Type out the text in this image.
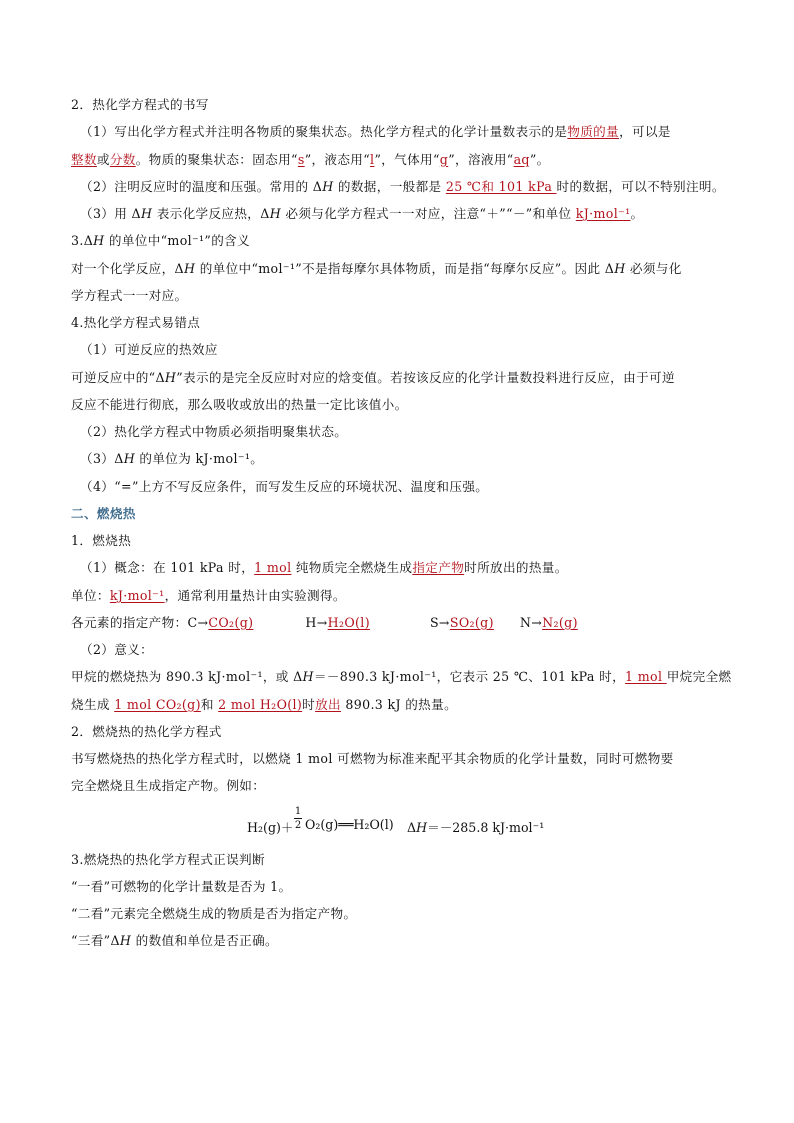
2．热化学方程式的书写
（1）写出化学方程式并注明各物质的聚集状态。热化学方程式的化学计量数表示的是物质的量，可以是
整数或分数。物质的聚集状态：固态用“s”，液态用“l”，气体用“g”，溶液用“aq”。
（2）注明反应时的温度和压强。常用的 ΔH 的数据，一般都是 25 ℃和 101 kPa 时的数据，可以不特别注明。
（3）用 ΔH 表示化学反应热，ΔH 必须与化学方程式一一对应，注意“＋”“－”和单位 kJ·mol⁻¹。
3.ΔH 的单位中“mol⁻¹”的含义
对一个化学反应，ΔH 的单位中“mol⁻¹”不是指每摩尔具体物质，而是指“每摩尔反应”。因此 ΔH 必须与化
学方程式一一对应。
4.热化学方程式易错点
（1）可逆反应的热效应
可逆反应中的“ΔH”表示的是完全反应时对应的焓变值。若按该反应的化学计量数投料进行反应，由于可逆
反应不能进行彻底，那么吸收或放出的热量一定比该值小。
（2）热化学方程式中物质必须指明聚集状态。
（3）ΔH 的单位为 kJ·mol⁻¹。
（4）“=”上方不写反应条件，而写发生反应的环境状况、温度和压强。
二、燃烧热
1．燃烧热
（1）概念：在 101 kPa 时，1 mol 纯物质完全燃烧生成指定产物时所放出的热量。
单位：kJ·mol⁻¹，通常利用量热计由实验测得。
各元素的指定产物：C→CO₂(g)	H→H₂O(l)	S→SO₂(g) N→N₂(g)
（2）意义：
甲烷的燃烧热为 890.3 kJ·mol⁻¹，或 ΔH＝－890.3 kJ·mol⁻¹，它表示 25 ℃、101 kPa 时，1 mol 甲烷完全燃
烧生成 1 mol CO₂(g)和 2 mol H₂O(l)时放出 890.3 kJ 的热量。
2．燃烧热的热化学方程式
书写燃烧热的热化学方程式时，以燃烧 1 mol 可燃物为标准来配平其余物质的化学计量数，同时可燃物要
完全燃烧且生成指定产物。例如：
H₂(g)＋
1
2 O₂(g)══H₂O(l) ΔH＝－285.8 kJ·mol⁻¹
3.燃烧热的热化学方程式正误判断
“一看”可燃物的化学计量数是否为 1。
“二看”元素完全燃烧生成的物质是否为指定产物。
“三看”ΔH 的数值和单位是否正确。
